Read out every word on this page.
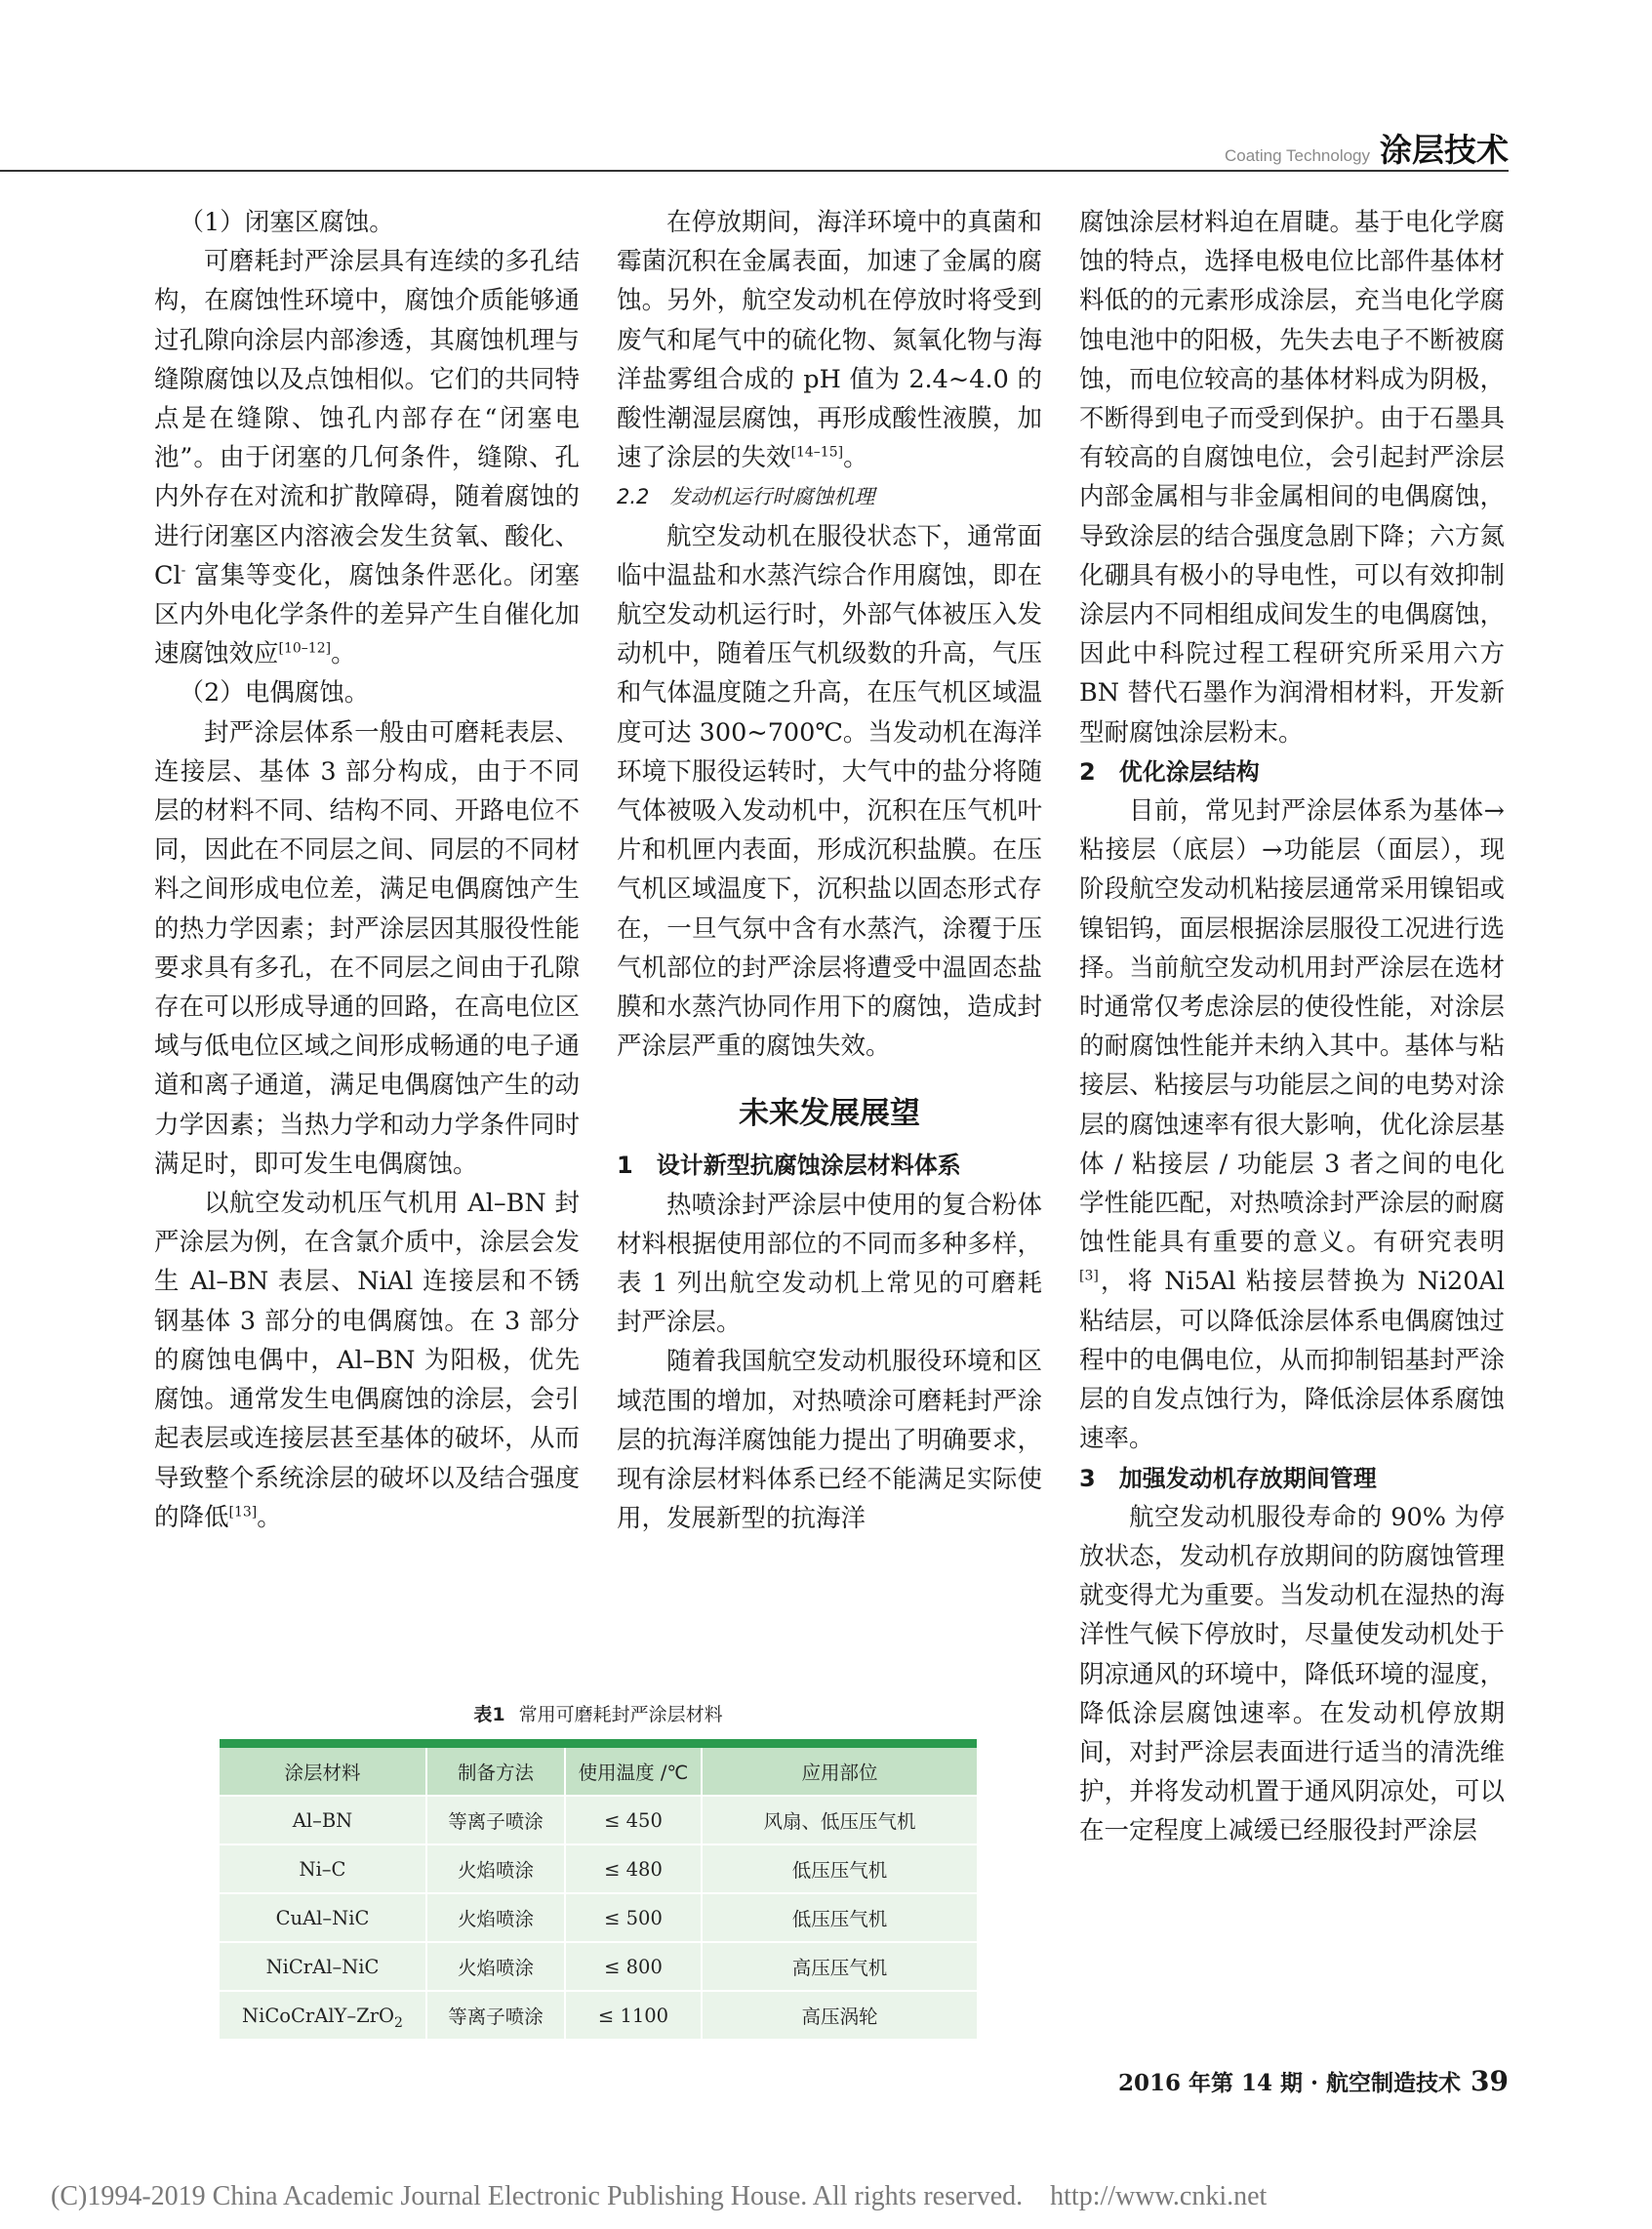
Coating Technology 涂层技术

（1）闭塞区腐蚀。

可磨耗封严涂层具有连续的多孔结构，在腐蚀性环境中，腐蚀介质能够通过孔隙向涂层内部渗透，其腐蚀机理与缝隙腐蚀以及点蚀相似。它们的共同特点是在缝隙、蚀孔内部存在“闭塞电池”。由于闭塞的几何条件，缝隙、孔内外存在对流和扩散障碍，随着腐蚀的进行闭塞区内溶液会发生贫氧、酸化、Cl- 富集等变化，腐蚀条件恶化。闭塞区内外电化学条件的差异产生自催化加速腐蚀效应[10–12]。

（2）电偶腐蚀。

封严涂层体系一般由可磨耗表层、连接层、基体 3 部分构成，由于不同层的材料不同、结构不同、开路电位不同，因此在不同层之间、同层的不同材料之间形成电位差，满足电偶腐蚀产生的热力学因素；封严涂层因其服役性能要求具有多孔，在不同层之间由于孔隙存在可以形成导通的回路，在高电位区域与低电位区域之间形成畅通的电子通道和离子通道，满足电偶腐蚀产生的动力学因素；当热力学和动力学条件同时满足时，即可发生电偶腐蚀。

以航空发动机压气机用 Al–BN 封严涂层为例，在含氯介质中，涂层会发生 Al–BN 表层、NiAl 连接层和不锈钢基体 3 部分的电偶腐蚀。在 3 部分的腐蚀电偶中，Al–BN 为阳极，优先腐蚀。通常发生电偶腐蚀的涂层，会引起表层或连接层甚至基体的破坏，从而导致整个系统涂层的破坏以及结合强度的降低[13]。

在停放期间，海洋环境中的真菌和霉菌沉积在金属表面，加速了金属的腐蚀。另外，航空发动机在停放时将受到废气和尾气中的硫化物、氮氧化物与海洋盐雾组合成的 pH 值为 2.4~4.0 的酸性潮湿层腐蚀，再形成酸性液膜，加速了涂层的失效[14–15]。

2.2　发动机运行时腐蚀机理

航空发动机在服役状态下，通常面临中温盐和水蒸汽综合作用腐蚀，即在航空发动机运行时，外部气体被压入发动机中，随着压气机级数的升高，气压和气体温度随之升高，在压气机区域温度可达 300~700℃。当发动机在海洋环境下服役运转时，大气中的盐分将随气体被吸入发动机中，沉积在压气机叶片和机匣内表面，形成沉积盐膜。在压气机区域温度下，沉积盐以固态形式存在，一旦气氛中含有水蒸汽，涂覆于压气机部位的封严涂层将遭受中温固态盐膜和水蒸汽协同作用下的腐蚀，造成封严涂层严重的腐蚀失效。

未来发展展望

1　设计新型抗腐蚀涂层材料体系

热喷涂封严涂层中使用的复合粉体材料根据使用部位的不同而多种多样，表 1 列出航空发动机上常见的可磨耗封严涂层。

随着我国航空发动机服役环境和区域范围的增加，对热喷涂可磨耗封严涂层的抗海洋腐蚀能力提出了明确要求，现有涂层材料体系已经不能满足实际使用，发展新型的抗海洋

腐蚀涂层材料迫在眉睫。基于电化学腐蚀的特点，选择电极电位比部件基体材料低的的元素形成涂层，充当电化学腐蚀电池中的阳极，先失去电子不断被腐蚀，而电位较高的基体材料成为阴极，不断得到电子而受到保护。由于石墨具有较高的自腐蚀电位，会引起封严涂层内部金属相与非金属相间的电偶腐蚀，导致涂层的结合强度急剧下降；六方氮化硼具有极小的导电性，可以有效抑制涂层内不同相组成间发生的电偶腐蚀，因此中科院过程工程研究所采用六方 BN 替代石墨作为润滑相材料，开发新型耐腐蚀涂层粉末。

2　优化涂层结构

目前，常见封严涂层体系为基体→粘接层（底层）→功能层（面层），现阶段航空发动机粘接层通常采用镍铝或镍铝钨，面层根据涂层服役工况进行选择。当前航空发动机用封严涂层在选材时通常仅考虑涂层的使役性能，对涂层的耐腐蚀性能并未纳入其中。基体与粘接层、粘接层与功能层之间的电势对涂层的腐蚀速率有很大影响，优化涂层基体 / 粘接层 / 功能层 3 者之间的电化学性能匹配，对热喷涂封严涂层的耐腐蚀性能具有重要的意义。有研究表明[3]，将 Ni5Al 粘接层替换为 Ni20Al 粘结层，可以降低涂层体系电偶腐蚀过程中的电偶电位，从而抑制铝基封严涂层的自发点蚀行为，降低涂层体系腐蚀速率。

3　加强发动机存放期间管理

航空发动机服役寿命的 90% 为停放状态，发动机存放期间的防腐蚀管理就变得尤为重要。当发动机在湿热的海洋性气候下停放时，尽量使发动机处于阴凉通风的环境中，降低环境的湿度，降低涂层腐蚀速率。在发动机停放期间，对封严涂层表面进行适当的清洗维护，并将发动机置于通风阴凉处，可以在一定程度上减缓已经服役封严涂层

表1 常用可磨耗封严涂层材料
涂层材料	制备方法	使用温度 /℃	应用部位
Al–BN	等离子喷涂	≤ 450	风扇、低压压气机
Ni–C	火焰喷涂	≤ 480	低压压气机
CuAl–NiC	火焰喷涂	≤ 500	低压压气机
NiCrAl–NiC	火焰喷涂	≤ 800	高压压气机
NiCoCrAlY–ZrO$_2$	等离子喷涂	≤ 1100	高压涡轮
2016 年第 14 期 · 航空制造技术 39
(C)1994-2019 China Academic Journal Electronic Publishing House. All rights reserved.　http://www.cnki.net
